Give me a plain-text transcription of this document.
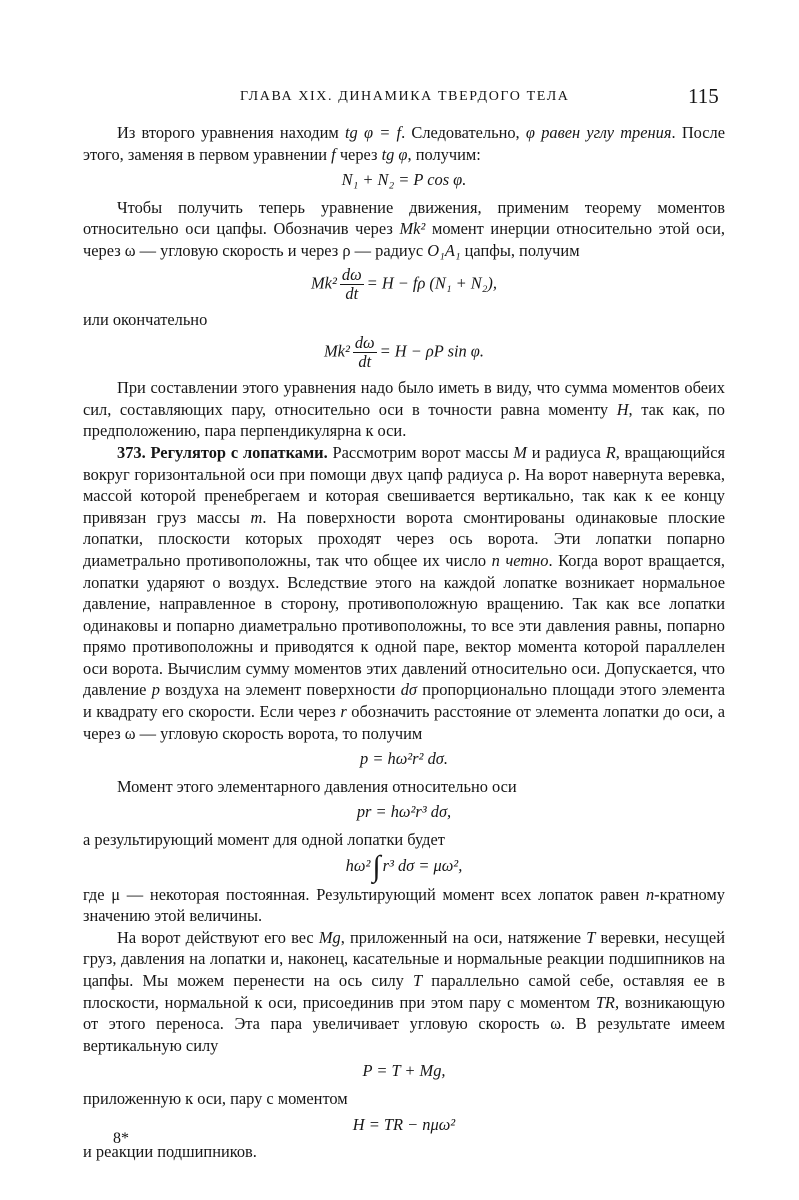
ГЛАВА XIX. ДИНАМИКА ТВЕРДОГО ТЕЛА	115

Из второго уравнения находим tg φ = f. Следовательно, φ равен углу трения. После этого, заменяя в первом уравнении f через tg φ, получим:

N₁ + N₂ = P cos φ.

Чтобы получить теперь уравнение движения, применим теорему моментов относительно оси цапфы. Обозначив через Mk² момент инерции относительно этой оси, через ω — угловую скорость и через ρ — радиус O₁A₁ цапфы, получим

$Mk^2 \frac{d\omega}{dt} = H - f\rho$ (N₁ + N₂),

или окончательно

$Mk^2 \frac{d\omega}{dt} = H - \rho P$ sin φ.

При составлении этого уравнения надо было иметь в виду, что сумма моментов обеих сил, составляющих пару, относительно оси в точности равна моменту H, так как, по предположению, пара перпендикулярна к оси.

373. Регулятор с лопатками. Рассмотрим ворот массы M и радиуса R, вращающийся вокруг горизонтальной оси при помощи двух цапф радиуса ρ. На ворот навернута веревка, массой которой пренебрегаем и которая свешивается вертикально, так как к ее концу привязан груз массы m. На поверхности ворота смонтированы одинаковые плоские лопатки, плоскости которых проходят через ось ворота. Эти лопатки попарно диаметрально противоположны, так что общее их число n четно. Когда ворот вращается, лопатки ударяют о воздух. Вследствие этого на каждой лопатке возникает нормальное давление, направленное в сторону, противоположную вращению. Так как все лопатки одинаковы и попарно диаметрально противоположны, то все эти давления равны, попарно прямо противоположны и приводятся к одной паре, вектор момента которой параллелен оси ворота. Вычислим сумму моментов этих давлений относительно оси. Допускается, что давление p воздуха на элемент поверхности dσ пропорционально площади этого элемента и квадрату его скорости. Если через r обозначить расстояние от элемента лопатки до оси, а через ω — угловую скорость ворота, то получим

p = hω²r² dσ.

Момент этого элементарного давления относительно оси

pr = hω²r³ dσ,

а результирующий момент для одной лопатки будет

hω²∫ r³ dσ = μω²,

где μ — некоторая постоянная. Результирующий момент всех лопаток равен n-кратному значению этой величины.

На ворот действуют его вес Mg, приложенный на оси, натяжение T веревки, несущей груз, давления на лопатки и, наконец, касательные и нормальные реакции подшипников на цапфы. Мы можем перенести на ось силу T параллельно самой себе, оставляя ее в плоскости, нормальной к оси, присоединив при этом пару с моментом TR, возникающую от этого переноса. Эта пара увеличивает угловую скорость ω. В результате имеем вертикальную силу

P = T + Mg,

приложенную к оси, пару с моментом

H = TR − nμω²

и реакции подшипников.

8*
